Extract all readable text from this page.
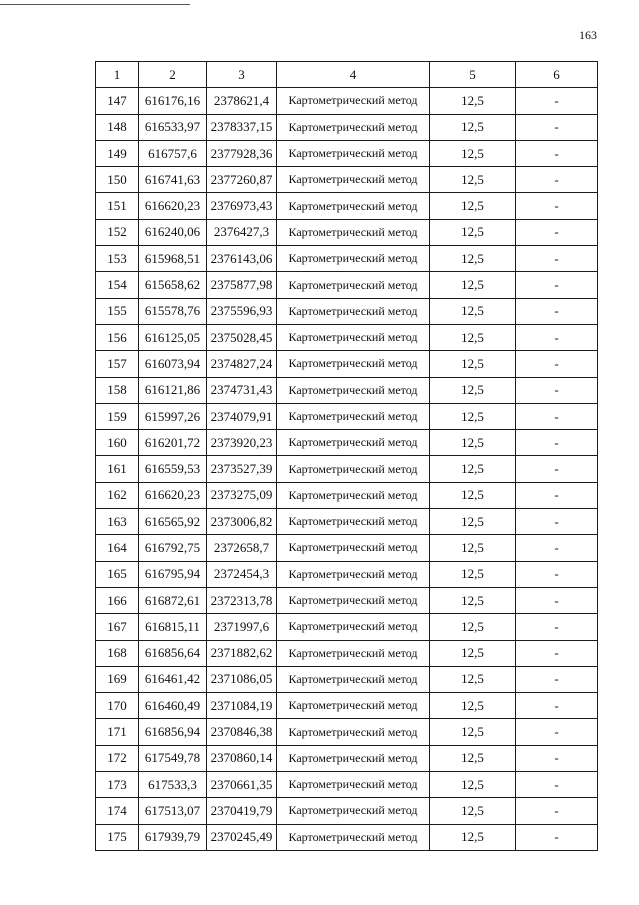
163
1	2	3	4	5	6
147	616176,16	2378621,4	Картометрический метод	12,5	-
148	616533,97	2378337,15	Картометрический метод	12,5	-
149	616757,6	2377928,36	Картометрический метод	12,5	-
150	616741,63	2377260,87	Картометрический метод	12,5	-
151	616620,23	2376973,43	Картометрический метод	12,5	-
152	616240,06	2376427,3	Картометрический метод	12,5	-
153	615968,51	2376143,06	Картометрический метод	12,5	-
154	615658,62	2375877,98	Картометрический метод	12,5	-
155	615578,76	2375596,93	Картометрический метод	12,5	-
156	616125,05	2375028,45	Картометрический метод	12,5	-
157	616073,94	2374827,24	Картометрический метод	12,5	-
158	616121,86	2374731,43	Картометрический метод	12,5	-
159	615997,26	2374079,91	Картометрический метод	12,5	-
160	616201,72	2373920,23	Картометрический метод	12,5	-
161	616559,53	2373527,39	Картометрический метод	12,5	-
162	616620,23	2373275,09	Картометрический метод	12,5	-
163	616565,92	2373006,82	Картометрический метод	12,5	-
164	616792,75	2372658,7	Картометрический метод	12,5	-
165	616795,94	2372454,3	Картометрический метод	12,5	-
166	616872,61	2372313,78	Картометрический метод	12,5	-
167	616815,11	2371997,6	Картометрический метод	12,5	-
168	616856,64	2371882,62	Картометрический метод	12,5	-
169	616461,42	2371086,05	Картометрический метод	12,5	-
170	616460,49	2371084,19	Картометрический метод	12,5	-
171	616856,94	2370846,38	Картометрический метод	12,5	-
172	617549,78	2370860,14	Картометрический метод	12,5	-
173	617533,3	2370661,35	Картометрический метод	12,5	-
174	617513,07	2370419,79	Картометрический метод	12,5	-
175	617939,79	2370245,49	Картометрический метод	12,5	-
